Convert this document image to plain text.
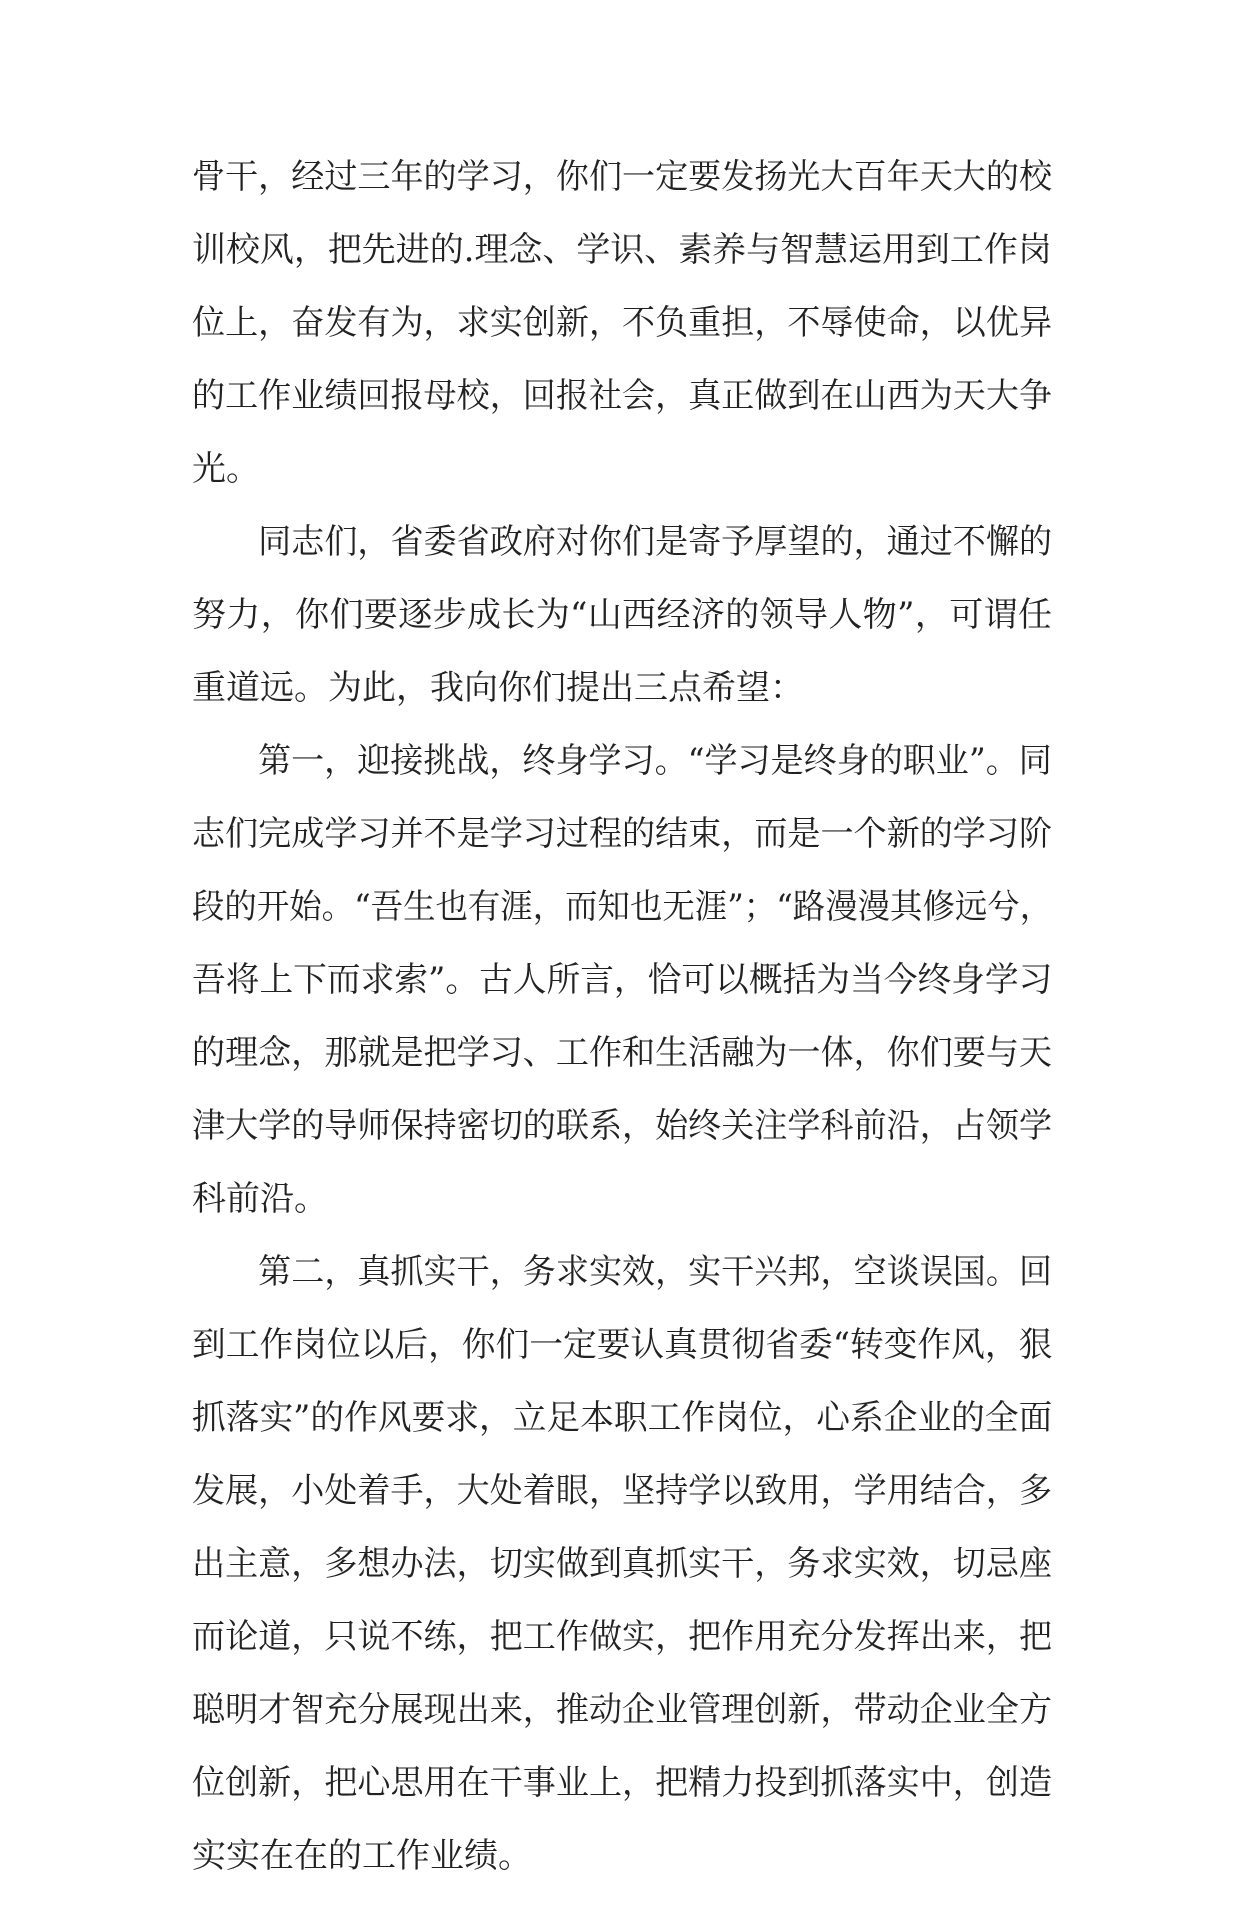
骨干，经过三年的学习，你们一定要发扬光大百年天大的校
训校风，把先进的.理念、学识、素养与智慧运用到工作岗
位上，奋发有为，求实创新，不负重担，不辱使命，以优异
的工作业绩回报母校，回报社会，真正做到在山西为天大争
光。
　　同志们，省委省政府对你们是寄予厚望的，通过不懈的
努力，你们要逐步成长为“山西经济的领导人物”，可谓任
重道远。为此，我向你们提出三点希望：
　　第一，迎接挑战，终身学习。“学习是终身的职业”。同
志们完成学习并不是学习过程的结束，而是一个新的学习阶
段的开始。“吾生也有涯，而知也无涯”；“路漫漫其修远兮，
吾将上下而求索”。古人所言，恰可以概括为当今终身学习
的理念，那就是把学习、工作和生活融为一体，你们要与天
津大学的导师保持密切的联系，始终关注学科前沿，占领学
科前沿。
　　第二，真抓实干，务求实效，实干兴邦，空谈误国。回
到工作岗位以后，你们一定要认真贯彻省委“转变作风，狠
抓落实”的作风要求，立足本职工作岗位，心系企业的全面
发展，小处着手，大处着眼，坚持学以致用，学用结合，多
出主意，多想办法，切实做到真抓实干，务求实效，切忌座
而论道，只说不练，把工作做实，把作用充分发挥出来，把
聪明才智充分展现出来，推动企业管理创新，带动企业全方
位创新，把心思用在干事业上，把精力投到抓落实中，创造
实实在在的工作业绩。
